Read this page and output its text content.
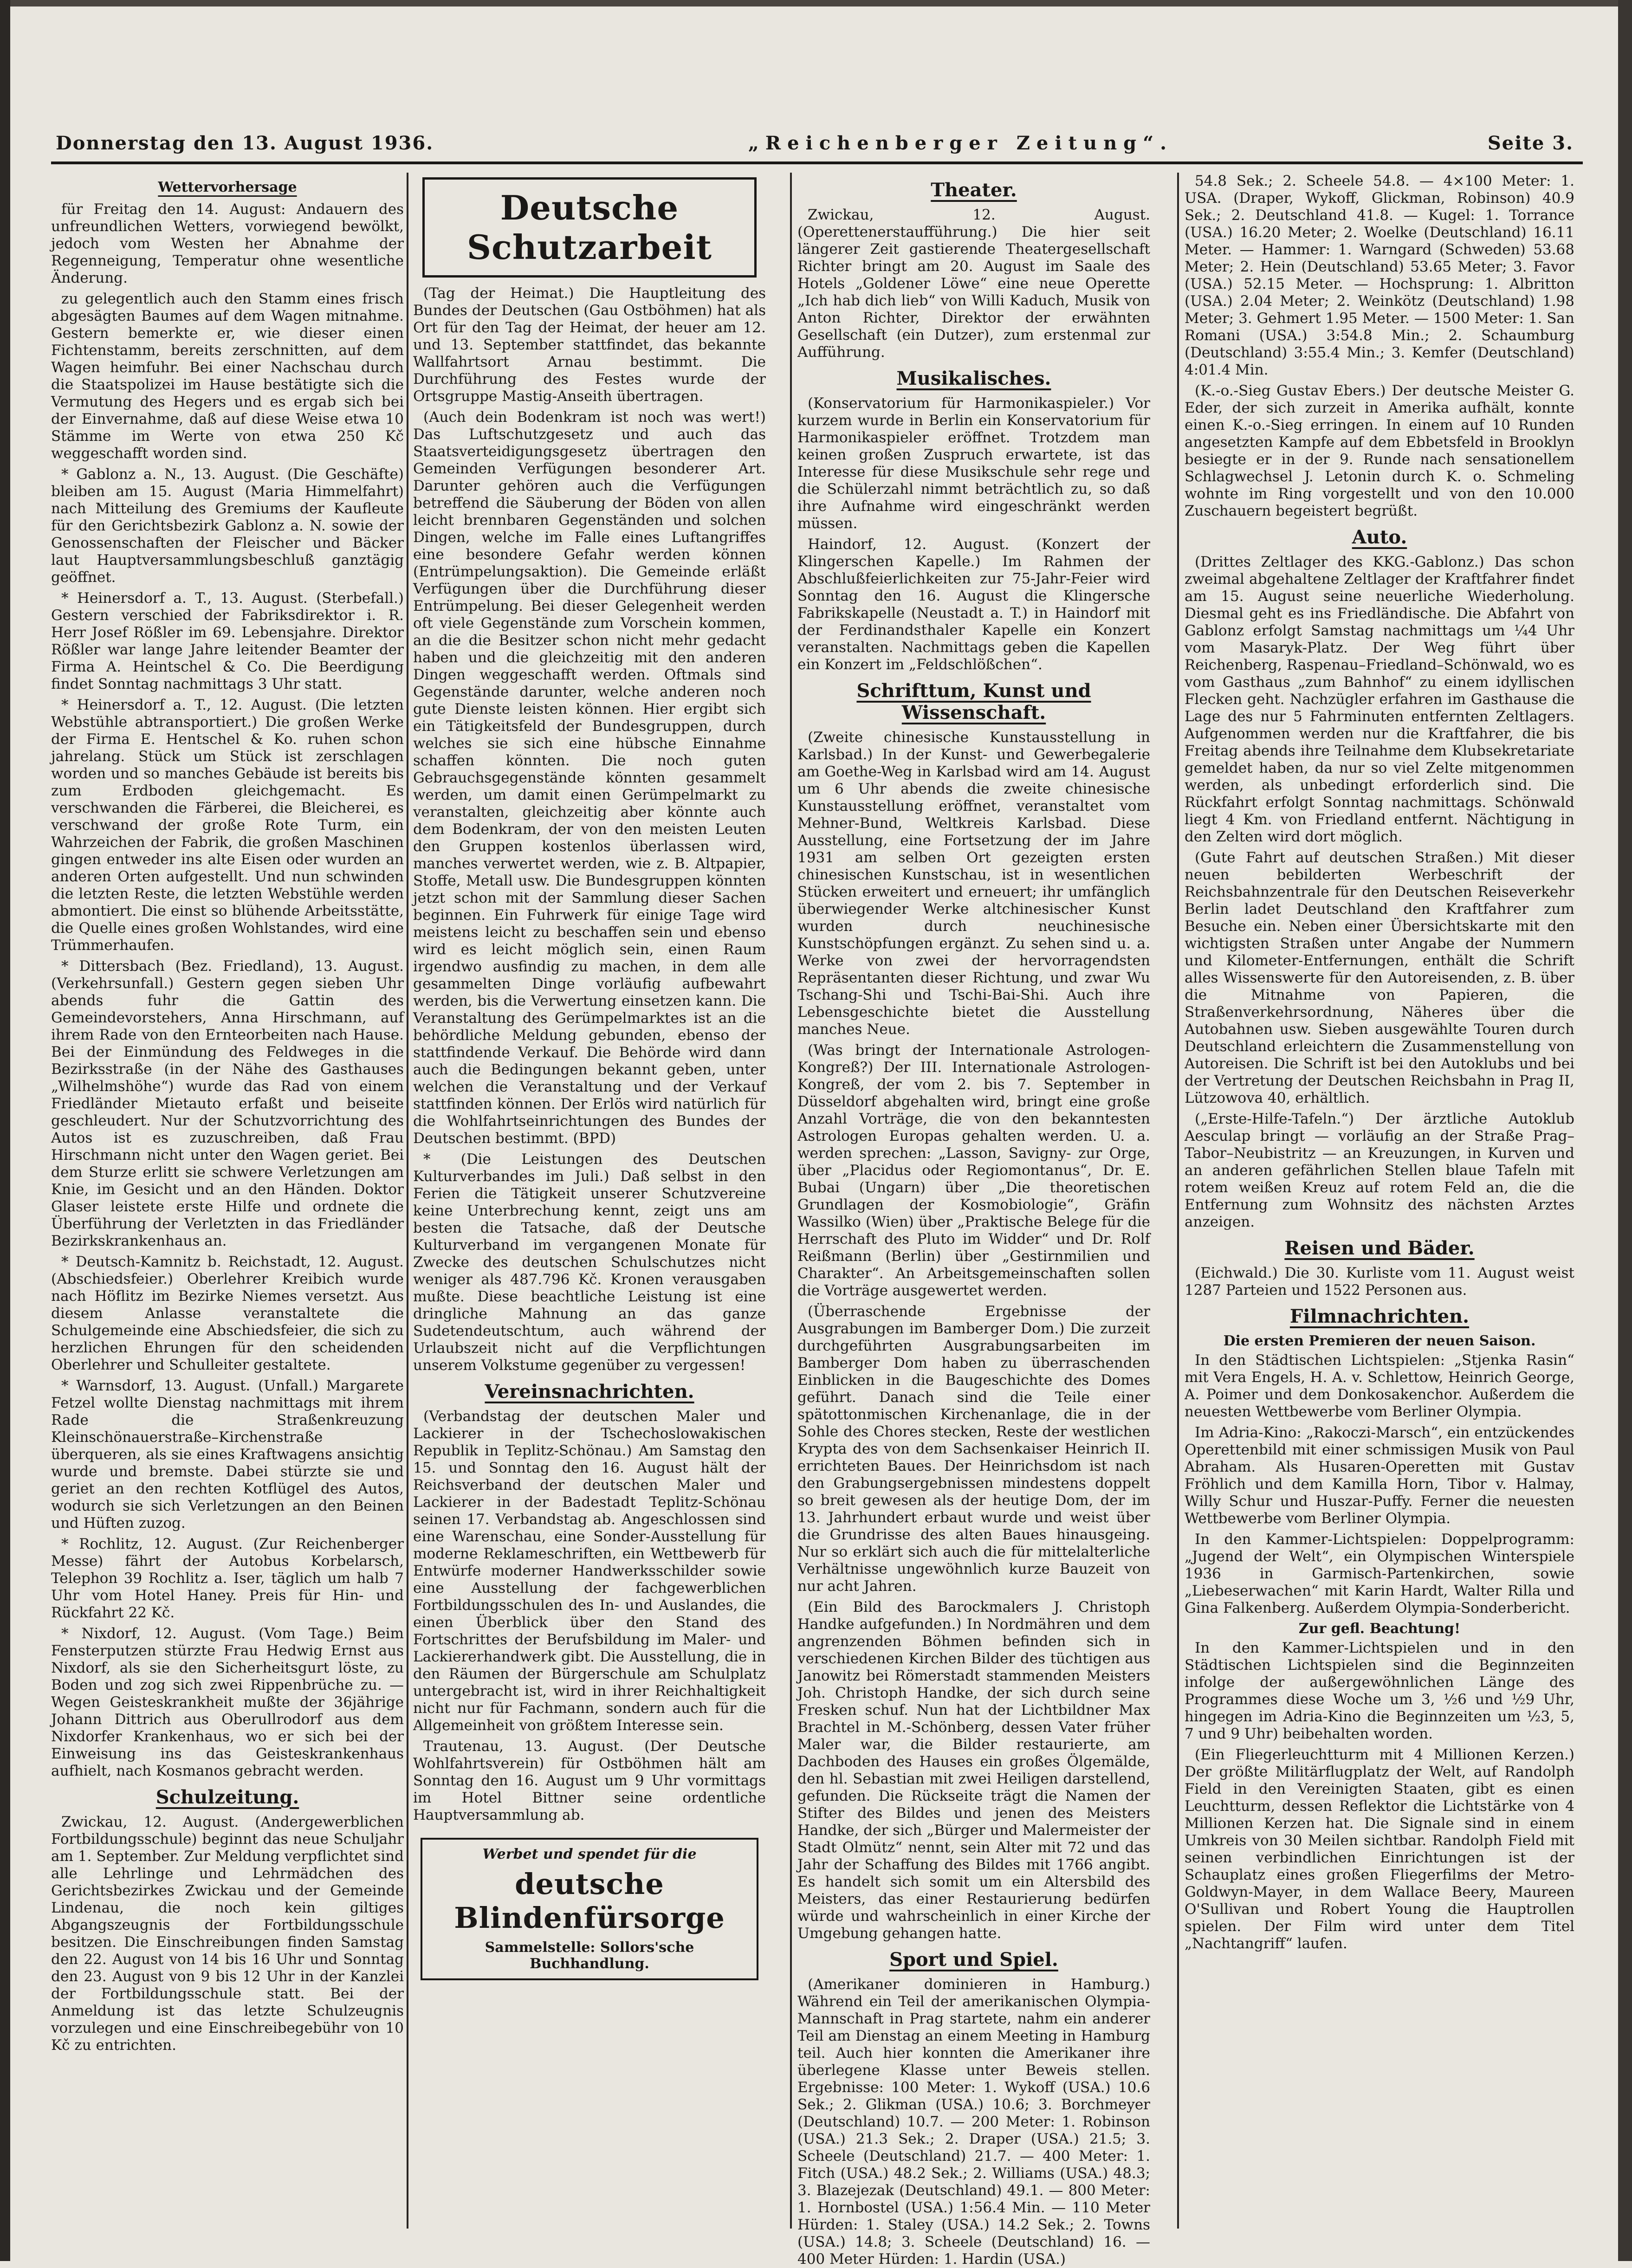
Donnerstag den 13. August 1936.	„Reichenberger Zeitung“.	Seite 3.
Wettervorhersage

für Freitag den 14. August: Andauern des unfreundlichen Wetters, vorwiegend bewölkt, jedoch vom Westen her Abnahme der Regenneigung, Temperatur ohne wesentliche Änderung.

zu gelegentlich auch den Stamm eines frisch abgesägten Baumes auf dem Wagen mitnahme. Gestern bemerkte er, wie dieser einen Fichtenstamm, bereits zerschnitten, auf dem Wagen heimfuhr. Bei einer Nachschau durch die Staatspolizei im Hause bestätigte sich die Vermutung des Hegers und es ergab sich bei der Einvernahme, daß auf diese Weise etwa 10 Stämme im Werte von etwa 250 Kč weggeschafft worden sind.

* Gablonz a. N., 13. August. (Die Geschäfte) bleiben am 15. August (Maria Himmelfahrt) nach Mitteilung des Gremiums der Kaufleute für den Gerichtsbezirk Gablonz a. N. sowie der Genossenschaften der Fleischer und Bäcker laut Hauptversammlungsbeschluß ganztägig geöffnet.

* Heinersdorf a. T., 13. August. (Sterbefall.) Gestern verschied der Fabriksdirektor i. R. Herr Josef Rößler im 69. Lebensjahre. Direktor Rößler war lange Jahre leitender Beamter der Firma A. Heintschel & Co. Die Beerdigung findet Sonntag nachmittags 3 Uhr statt.

* Heinersdorf a. T., 12. August. (Die letzten Webstühle abtransportiert.) Die großen Werke der Firma E. Hentschel & Ko. ruhen schon jahrelang. Stück um Stück ist zerschlagen worden und so manches Gebäude ist bereits bis zum Erdboden gleichgemacht. Es verschwanden die Färberei, die Bleicherei, es verschwand der große Rote Turm, ein Wahrzeichen der Fabrik, die großen Maschinen gingen entweder ins alte Eisen oder wurden an anderen Orten aufgestellt. Und nun schwinden die letzten Reste, die letzten Webstühle werden abmontiert. Die einst so blühende Arbeitsstätte, die Quelle eines großen Wohlstandes, wird eine Trümmerhaufen.

* Dittersbach (Bez. Friedland), 13. August. (Verkehrsunfall.) Gestern gegen sieben Uhr abends fuhr die Gattin des Gemeindevorstehers, Anna Hirschmann, auf ihrem Rade von den Ernteorbeiten nach Hause. Bei der Einmündung des Feldweges in die Bezirksstraße (in der Nähe des Gasthauses „Wilhelmshöhe“) wurde das Rad von einem Friedländer Mietauto erfaßt und beiseite geschleudert. Nur der Schutzvorrichtung des Autos ist es zuzuschreiben, daß Frau Hirschmann nicht unter den Wagen geriet. Bei dem Sturze erlitt sie schwere Verletzungen am Knie, im Gesicht und an den Händen. Doktor Glaser leistete erste Hilfe und ordnete die Überführung der Verletzten in das Friedländer Bezirkskrankenhaus an.

* Deutsch-Kamnitz b. Reichstadt, 12. August. (Abschiedsfeier.) Oberlehrer Kreibich wurde nach Höflitz im Bezirke Niemes versetzt. Aus diesem Anlasse veranstaltete die Schulgemeinde eine Abschiedsfeier, die sich zu herzlichen Ehrungen für den scheidenden Oberlehrer und Schulleiter gestaltete.

* Warnsdorf, 13. August. (Unfall.) Margarete Fetzel wollte Dienstag nachmittags mit ihrem Rade die Straßenkreuzung Kleinschönauerstraße–Kirchenstraße überqueren, als sie eines Kraftwagens ansichtig wurde und bremste. Dabei stürzte sie und geriet an den rechten Kotflügel des Autos, wodurch sie sich Verletzungen an den Beinen und Hüften zuzog.

* Rochlitz, 12. August. (Zur Reichenberger Messe) fährt der Autobus Korbelarsch, Telephon 39 Rochlitz a. Iser, täglich um halb 7 Uhr vom Hotel Haney. Preis für Hin- und Rückfahrt 22 Kč.

* Nixdorf, 12. August. (Vom Tage.) Beim Fensterputzen stürzte Frau Hedwig Ernst aus Nixdorf, als sie den Sicherheitsgurt löste, zu Boden und zog sich zwei Rippenbrüche zu. — Wegen Geisteskrankheit mußte der 36jährige Johann Dittrich aus Oberullrodorf aus dem Nixdorfer Krankenhaus, wo er sich bei der Einweisung ins das Geisteskrankenhaus aufhielt, nach Kosmanos gebracht werden.

Schulzeitung.

Zwickau, 12. August. (Andergewerblichen Fortbildungsschule) beginnt das neue Schuljahr am 1. September. Zur Meldung verpflichtet sind alle Lehrlinge und Lehrmädchen des Gerichtsbezirkes Zwickau und der Gemeinde Lindenau, die noch kein giltiges Abgangszeugnis der Fortbildungsschule besitzen. Die Einschreibungen finden Samstag den 22. August von 14 bis 16 Uhr und Sonntag den 23. August von 9 bis 12 Uhr in der Kanzlei der Fortbildungsschule statt. Bei der Anmeldung ist das letzte Schulzeugnis vorzulegen und eine Einschreibegebühr von 10 Kč zu entrichten.

Deutsche Schutzarbeit

(Tag der Heimat.) Die Hauptleitung des Bundes der Deutschen (Gau Ostböhmen) hat als Ort für den Tag der Heimat, der heuer am 12. und 13. September stattfindet, das bekannte Wallfahrtsort Arnau bestimmt. Die Durchführung des Festes wurde der Ortsgruppe Mastig-Anseith übertragen.

(Auch dein Bodenkram ist noch was wert!) Das Luftschutzgesetz und auch das Staatsverteidigungsgesetz übertragen den Gemeinden Verfügungen besonderer Art. Darunter gehören auch die Verfügungen betreffend die Säuberung der Böden von allen leicht brennbaren Gegenständen und solchen Dingen, welche im Falle eines Luftangriffes eine besondere Gefahr werden können (Entrümpelungsaktion). Die Gemeinde erläßt Verfügungen über die Durchführung dieser Entrümpelung. Bei dieser Gelegenheit werden oft viele Gegenstände zum Vorschein kommen, an die die Besitzer schon nicht mehr gedacht haben und die gleichzeitig mit den anderen Dingen weggeschafft werden. Oftmals sind Gegenstände darunter, welche anderen noch gute Dienste leisten können. Hier ergibt sich ein Tätigkeitsfeld der Bundesgruppen, durch welches sie sich eine hübsche Einnahme schaffen könnten. Die noch guten Gebrauchsgegenstände könnten gesammelt werden, um damit einen Gerümpelmarkt zu veranstalten, gleichzeitig aber könnte auch dem Bodenkram, der von den meisten Leuten den Gruppen kostenlos überlassen wird, manches verwertet werden, wie z. B. Altpapier, Stoffe, Metall usw. Die Bundesgruppen könnten jetzt schon mit der Sammlung dieser Sachen beginnen. Ein Fuhrwerk für einige Tage wird meistens leicht zu beschaffen sein und ebenso wird es leicht möglich sein, einen Raum irgendwo ausfindig zu machen, in dem alle gesammelten Dinge vorläufig aufbewahrt werden, bis die Verwertung einsetzen kann. Die Veranstaltung des Gerümpelmarktes ist an die behördliche Meldung gebunden, ebenso der stattfindende Verkauf. Die Behörde wird dann auch die Bedingungen bekannt geben, unter welchen die Veranstaltung und der Verkauf stattfinden können. Der Erlös wird natürlich für die Wohlfahrtseinrichtungen des Bundes der Deutschen bestimmt. (BPD)

* (Die Leistungen des Deutschen Kulturverbandes im Juli.) Daß selbst in den Ferien die Tätigkeit unserer Schutzvereine keine Unterbrechung kennt, zeigt uns am besten die Tatsache, daß der Deutsche Kulturverband im vergangenen Monate für Zwecke des deutschen Schulschutzes nicht weniger als 487.796 Kč. Kronen verausgaben mußte. Diese beachtliche Leistung ist eine dringliche Mahnung an das ganze Sudetendeutschtum, auch während der Urlaubszeit nicht auf die Verpflichtungen unserem Volkstume gegenüber zu vergessen!

Vereinsnachrichten.

(Verbandstag der deutschen Maler und Lackierer in der Tschechoslowakischen Republik in Teplitz-Schönau.) Am Samstag den 15. und Sonntag den 16. August hält der Reichsverband der deutschen Maler und Lackierer in der Badestadt Teplitz-Schönau seinen 17. Verbandstag ab. Angeschlossen sind eine Warenschau, eine Sonder-Ausstellung für moderne Reklameschriften, ein Wettbewerb für Entwürfe moderner Handwerksschilder sowie eine Ausstellung der fachgewerblichen Fortbildungsschulen des In- und Auslandes, die einen Überblick über den Stand des Fortschrittes der Berufsbildung im Maler- und Lackiererhandwerk gibt. Die Ausstellung, die in den Räumen der Bürgerschule am Schulplatz untergebracht ist, wird in ihrer Reichhaltigkeit nicht nur für Fachmann, sondern auch für die Allgemeinheit von größtem Interesse sein.

Trautenau, 13. August. (Der Deutsche Wohlfahrtsverein) für Ostböhmen hält am Sonntag den 16. August um 9 Uhr vormittags im Hotel Bittner seine ordentliche Hauptversammlung ab.

Werbet und spendet für die
deutsche Blindenfürsorge
Sammelstelle: Sollors'sche Buchhandlung.
Theater.

Zwickau, 12. August. (Operettenerstaufführung.) Die hier seit längerer Zeit gastierende Theatergesellschaft Richter bringt am 20. August im Saale des Hotels „Goldener Löwe“ eine neue Operette „Ich hab dich lieb“ von Willi Kaduch, Musik von Anton Richter, Direktor der erwähnten Gesellschaft (ein Dutzer), zum erstenmal zur Aufführung.

Musikalisches.

(Konservatorium für Harmonikaspieler.) Vor kurzem wurde in Berlin ein Konservatorium für Harmonikaspieler eröffnet. Trotzdem man keinen großen Zuspruch erwartete, ist das Interesse für diese Musikschule sehr rege und die Schülerzahl nimmt beträchtlich zu, so daß ihre Aufnahme wird eingeschränkt werden müssen.

Haindorf, 12. August. (Konzert der Klingerschen Kapelle.) Im Rahmen der Abschlußfeierlichkeiten zur 75-Jahr-Feier wird Sonntag den 16. August die Klingersche Fabrikskapelle (Neustadt a. T.) in Haindorf mit der Ferdinandsthaler Kapelle ein Konzert veranstalten. Nachmittags geben die Kapellen ein Konzert im „Feldschlößchen“.

Schrifttum, Kunst und Wissenschaft.

(Zweite chinesische Kunstausstellung in Karlsbad.) In der Kunst- und Gewerbegalerie am Goethe-Weg in Karlsbad wird am 14. August um 6 Uhr abends die zweite chinesische Kunstausstellung eröffnet, veranstaltet vom Mehner-Bund, Weltkreis Karlsbad. Diese Ausstellung, eine Fortsetzung der im Jahre 1931 am selben Ort gezeigten ersten chinesischen Kunstschau, ist in wesentlichen Stücken erweitert und erneuert; ihr umfänglich überwiegender Werke altchinesischer Kunst wurden durch neuchinesische Kunstschöpfungen ergänzt. Zu sehen sind u. a. Werke von zwei der hervorragendsten Repräsentanten dieser Richtung, und zwar Wu Tschang-Shi und Tschi-Bai-Shi. Auch ihre Lebensgeschichte bietet die Ausstellung manches Neue.

(Was bringt der Internationale Astrologen-Kongreß?) Der III. Internationale Astrologen-Kongreß, der vom 2. bis 7. September in Düsseldorf abgehalten wird, bringt eine große Anzahl Vorträge, die von den bekanntesten Astrologen Europas gehalten werden. U. a. werden sprechen: „Lasson, Savigny- zur Orge, über „Placidus oder Regiomontanus“, Dr. E. Bubai (Ungarn) über „Die theoretischen Grundlagen der Kosmobiologie“, Gräfin Wassilko (Wien) über „Praktische Belege für die Herrschaft des Pluto im Widder“ und Dr. Rolf Reißmann (Berlin) über „Gestirnmilien und Charakter“. An Arbeitsgemeinschaften sollen die Vorträge ausgewertet werden.

(Überraschende Ergebnisse der Ausgrabungen im Bamberger Dom.) Die zurzeit durchgeführten Ausgrabungsarbeiten im Bamberger Dom haben zu überraschenden Einblicken in die Baugeschichte des Domes geführt. Danach sind die Teile einer spätottonmischen Kirchenanlage, die in der Sohle des Chores stecken, Reste der westlichen Krypta des von dem Sachsenkaiser Heinrich II. errichteten Baues. Der Heinrichsdom ist nach den Grabungsergebnissen mindestens doppelt so breit gewesen als der heutige Dom, der im 13. Jahrhundert erbaut wurde und weist über die Grundrisse des alten Baues hinausgeing. Nur so erklärt sich auch die für mittelalterliche Verhältnisse ungewöhnlich kurze Bauzeit von nur acht Jahren.

(Ein Bild des Barockmalers J. Christoph Handke aufgefunden.) In Nordmähren und dem angrenzenden Böhmen befinden sich in verschiedenen Kirchen Bilder des tüchtigen aus Janowitz bei Römerstadt stammenden Meisters Joh. Christoph Handke, der sich durch seine Fresken schuf. Nun hat der Lichtbildner Max Brachtel in M.-Schönberg, dessen Vater früher Maler war, die Bilder restaurierte, am Dachboden des Hauses ein großes Ölgemälde, den hl. Sebastian mit zwei Heiligen darstellend, gefunden. Die Rückseite trägt die Namen der Stifter des Bildes und jenen des Meisters Handke, der sich „Bürger und Malermeister der Stadt Olmütz“ nennt, sein Alter mit 72 und das Jahr der Schaffung des Bildes mit 1766 angibt. Es handelt sich somit um ein Altersbild des Meisters, das einer Restaurierung bedürfen würde und wahrscheinlich in einer Kirche der Umgebung gehangen hatte.

Sport und Spiel.

(Amerikaner dominieren in Hamburg.) Während ein Teil der amerikanischen Olympia-Mannschaft in Prag startete, nahm ein anderer Teil am Dienstag an einem Meeting in Hamburg teil. Auch hier konnten die Amerikaner ihre überlegene Klasse unter Beweis stellen. Ergebnisse: 100 Meter: 1. Wykoff (USA.) 10.6 Sek.; 2. Glikman (USA.) 10.6; 3. Borchmeyer (Deutschland) 10.7. — 200 Meter: 1. Robinson (USA.) 21.3 Sek.; 2. Draper (USA.) 21.5; 3. Scheele (Deutschland) 21.7. — 400 Meter: 1. Fitch (USA.) 48.2 Sek.; 2. Williams (USA.) 48.3; 3. Blazejezak (Deutschland) 49.1. — 800 Meter: 1. Hornbostel (USA.) 1:56.4 Min. — 110 Meter Hürden: 1. Staley (USA.) 14.2 Sek.; 2. Towns (USA.) 14.8; 3. Scheele (Deutschland) 16. — 400 Meter Hürden: 1. Hardin (USA.)

54.8 Sek.; 2. Scheele 54.8. — 4×100 Meter: 1. USA. (Draper, Wykoff, Glickman, Robinson) 40.9 Sek.; 2. Deutschland 41.8. — Kugel: 1. Torrance (USA.) 16.20 Meter; 2. Woelke (Deutschland) 16.11 Meter. — Hammer: 1. Warngard (Schweden) 53.68 Meter; 2. Hein (Deutschland) 53.65 Meter; 3. Favor (USA.) 52.15 Meter. — Hochsprung: 1. Albritton (USA.) 2.04 Meter; 2. Weinkötz (Deutschland) 1.98 Meter; 3. Gehmert 1.95 Meter. — 1500 Meter: 1. San Romani (USA.) 3:54.8 Min.; 2. Schaumburg (Deutschland) 3:55.4 Min.; 3. Kemfer (Deutschland) 4:01.4 Min.

(K.-o.-Sieg Gustav Ebers.) Der deutsche Meister G. Eder, der sich zurzeit in Amerika aufhält, konnte einen K.-o.-Sieg erringen. In einem auf 10 Runden angesetzten Kampfe auf dem Ebbetsfeld in Brooklyn besiegte er in der 9. Runde nach sensationellem Schlagwechsel J. Letonin durch K. o. Schmeling wohnte im Ring vorgestellt und von den 10.000 Zuschauern begeistert begrüßt.

Auto.

(Drittes Zeltlager des KKG.-Gablonz.) Das schon zweimal abgehaltene Zeltlager der Kraftfahrer findet am 15. August seine neuerliche Wiederholung. Diesmal geht es ins Friedländische. Die Abfahrt von Gablonz erfolgt Samstag nachmittags um ¼4 Uhr vom Masaryk-Platz. Der Weg führt über Reichenberg, Raspenau–Friedland–Schönwald, wo es vom Gasthaus „zum Bahnhof“ zu einem idyllischen Flecken geht. Nachzügler erfahren im Gasthause die Lage des nur 5 Fahrminuten entfernten Zeltlagers. Aufgenommen werden nur die Kraftfahrer, die bis Freitag abends ihre Teilnahme dem Klubsekretariate gemeldet haben, da nur so viel Zelte mitgenommen werden, als unbedingt erforderlich sind. Die Rückfahrt erfolgt Sonntag nachmittags. Schönwald liegt 4 Km. von Friedland entfernt. Nächtigung in den Zelten wird dort möglich.

(Gute Fahrt auf deutschen Straßen.) Mit dieser neuen bebilderten Werbeschrift der Reichsbahnzentrale für den Deutschen Reiseverkehr Berlin ladet Deutschland den Kraftfahrer zum Besuche ein. Neben einer Übersichtskarte mit den wichtigsten Straßen unter Angabe der Nummern und Kilometer-Entfernungen, enthält die Schrift alles Wissenswerte für den Autoreisenden, z. B. über die Mitnahme von Papieren, die Straßenverkehrsordnung, Näheres über die Autobahnen usw. Sieben ausgewählte Touren durch Deutschland erleichtern die Zusammenstellung von Autoreisen. Die Schrift ist bei den Autoklubs und bei der Vertretung der Deutschen Reichsbahn in Prag II, Lützowova 40, erhältlich.

(„Erste-Hilfe-Tafeln.“) Der ärztliche Autoklub Aesculap bringt — vorläufig an der Straße Prag–Tabor–Neubistritz — an Kreuzungen, in Kurven und an anderen gefährlichen Stellen blaue Tafeln mit rotem weißen Kreuz auf rotem Feld an, die die Entfernung zum Wohnsitz des nächsten Arztes anzeigen.

Reisen und Bäder.

(Eichwald.) Die 30. Kurliste vom 11. August weist 1287 Parteien und 1522 Personen aus.

Filmnachrichten.
Die ersten Premieren der neuen Saison.

In den Städtischen Lichtspielen: „Stjenka Rasin“ mit Vera Engels, H. A. v. Schlettow, Heinrich George, A. Poimer und dem Donkosakenchor. Außerdem die neuesten Wettbewerbe vom Berliner Olympia.

Im Adria-Kino: „Rakoczi-Marsch“, ein entzückendes Operettenbild mit einer schmissigen Musik von Paul Abraham. Als Husaren-Operetten mit Gustav Fröhlich und dem Kamilla Horn, Tibor v. Halmay, Willy Schur und Huszar-Puffy. Ferner die neuesten Wettbewerbe vom Berliner Olympia.

In den Kammer-Lichtspielen: Doppelprogramm: „Jugend der Welt“, ein Olympischen Winterspiele 1936 in Garmisch-Partenkirchen, sowie „Liebeserwachen“ mit Karin Hardt, Walter Rilla und Gina Falkenberg. Außerdem Olympia-Sonderbericht.

Zur gefl. Beachtung!

In den Kammer-Lichtspielen und in den Städtischen Lichtspielen sind die Beginnzeiten infolge der außergewöhnlichen Länge des Programmes diese Woche um 3, ½6 und ½9 Uhr, hingegen im Adria-Kino die Beginnzeiten um ½3, 5, 7 und 9 Uhr) beibehalten worden.

(Ein Fliegerleuchtturm mit 4 Millionen Kerzen.) Der größte Militärflugplatz der Welt, auf Randolph Field in den Vereinigten Staaten, gibt es einen Leuchtturm, dessen Reflektor die Lichtstärke von 4 Millionen Kerzen hat. Die Signale sind in einem Umkreis von 30 Meilen sichtbar. Randolph Field mit seinen verbindlichen Einrichtungen ist der Schauplatz eines großen Fliegerfilms der Metro-Goldwyn-Mayer, in dem Wallace Beery, Maureen O'Sullivan und Robert Young die Hauptrollen spielen. Der Film wird unter dem Titel „Nachtangriff“ laufen.
